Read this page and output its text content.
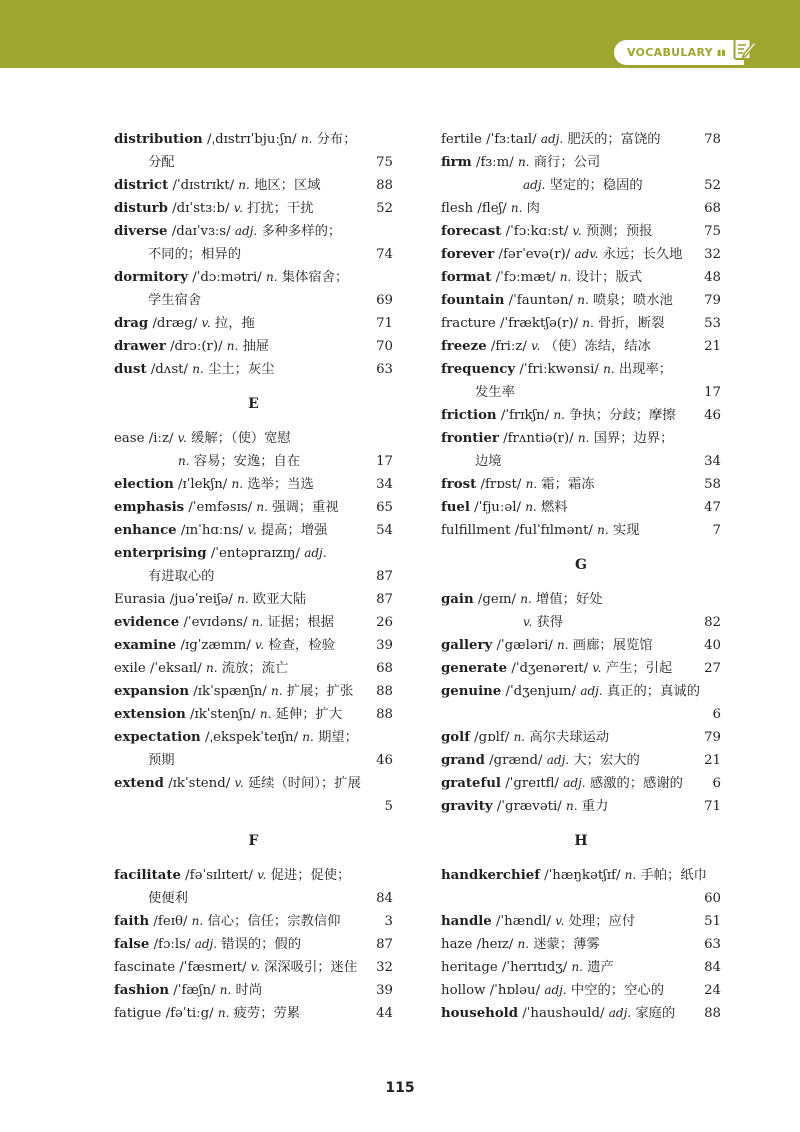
VOCABULARY ▮▮
distribution /ˌdɪstrɪˈbjuːʃn/ n. 分布；
分配	75
district /ˈdɪstrɪkt/ n. 地区；区域	88
disturb /dɪˈstɜːb/ v. 打扰；干扰	52
diverse /daɪˈvɜːs/ adj. 多种多样的；
不同的；相异的	74
dormitory /ˈdɔːmətri/ n. 集体宿舍；
学生宿舍	69
drag /dræg/ v. 拉，拖	71
drawer /drɔː(r)/ n. 抽屉	70
dust /dʌst/ n. 尘土；灰尘	63
E
ease /iːz/ v. 缓解；（使）宽慰
n. 容易；安逸；自在	17
election /ɪˈlekʃn/ n. 选举；当选	34
emphasis /ˈemfəsɪs/ n. 强调；重视	65
enhance /ɪnˈhɑːns/ v. 提高；增强	54
enterprising /ˈentəpraɪzɪŋ/ adj.
有进取心的	87
Eurasia /juəˈreiʃə/ n. 欧亚大陆	87
evidence /ˈevɪdəns/ n. 证据；根据	26
examine /ɪgˈzæmɪn/ v. 检查，检验	39
exile /ˈeksaɪl/ n. 流放；流亡	68
expansion /ɪkˈspænʃn/ n. 扩展；扩张 88
extension /ɪkˈstenʃn/ n. 延伸；扩大	88
expectation /ˌekspekˈteɪʃn/ n. 期望；
预期	46
extend /ɪkˈstend/ v. 延续（时间）；扩展
5
F
facilitate /fəˈsɪlɪteɪt/ v. 促进；促使；
使便利	84
faith /feɪθ/ n. 信心；信任；宗教信仰	3
false /fɔːls/ adj. 错误的；假的	87
fascinate /ˈfæsɪneɪt/ v. 深深吸引；迷住 32
fashion /ˈfæʃn/ n. 时尚	39
fatigue /fəˈtiːg/ n. 疲劳；劳累	44
fertile /ˈfɜːtaɪl/ adj. 肥沃的；富饶的	78
firm /fɜːm/ n. 商行；公司
adj. 坚定的；稳固的	52
flesh /fleʃ/ n. 肉	68
forecast /ˈfɔːkɑːst/ v. 预测；预报	75
forever /fərˈevə(r)/ adv. 永远；长久地 32
format /ˈfɔːmæt/ n. 设计；版式	48
fountain /ˈfauntən/ n. 喷泉；喷水池 79
fracture /ˈfræktʃə(r)/ n. 骨折，断裂	53
freeze /friːz/ v. （使）冻结，结冰	21
frequency /ˈfriːkwənsi/ n. 出现率；
发生率	17
friction /ˈfrɪkʃn/ n. 争执；分歧；摩擦 46
frontier /frʌntiə(r)/ n. 国界；边界；
边境	34
frost /frɒst/ n. 霜；霜冻	58
fuel /ˈfjuːəl/ n. 燃料	47
fulfillment /fulˈfɪlmənt/ n. 实现	7
G
gain /geɪn/ n. 增值；好处
v. 获得	82
gallery /ˈgæləri/ n. 画廊；展览馆	40
generate /ˈdʒenəreɪt/ v. 产生；引起 27
genuine /ˈdʒenjuɪn/ adj. 真正的；真诚的
6
golf /gɒlf/ n. 高尔夫球运动	79
grand /grænd/ adj. 大；宏大的	21
grateful /ˈgreɪtfl/ adj. 感激的；感谢的 6
gravity /ˈgrævəti/ n. 重力	71
H
handkerchief /ˈhæŋkətʃɪf/ n. 手帕；纸巾
60
handle /ˈhændl/ v. 处理；应付	51
haze /heɪz/ n. 迷蒙；薄雾	63
heritage /ˈherɪtɪdʒ/ n. 遗产	84
hollow /ˈhɒləu/ adj. 中空的；空心的	24
household /ˈhaushəuld/ adj. 家庭的 88
115
